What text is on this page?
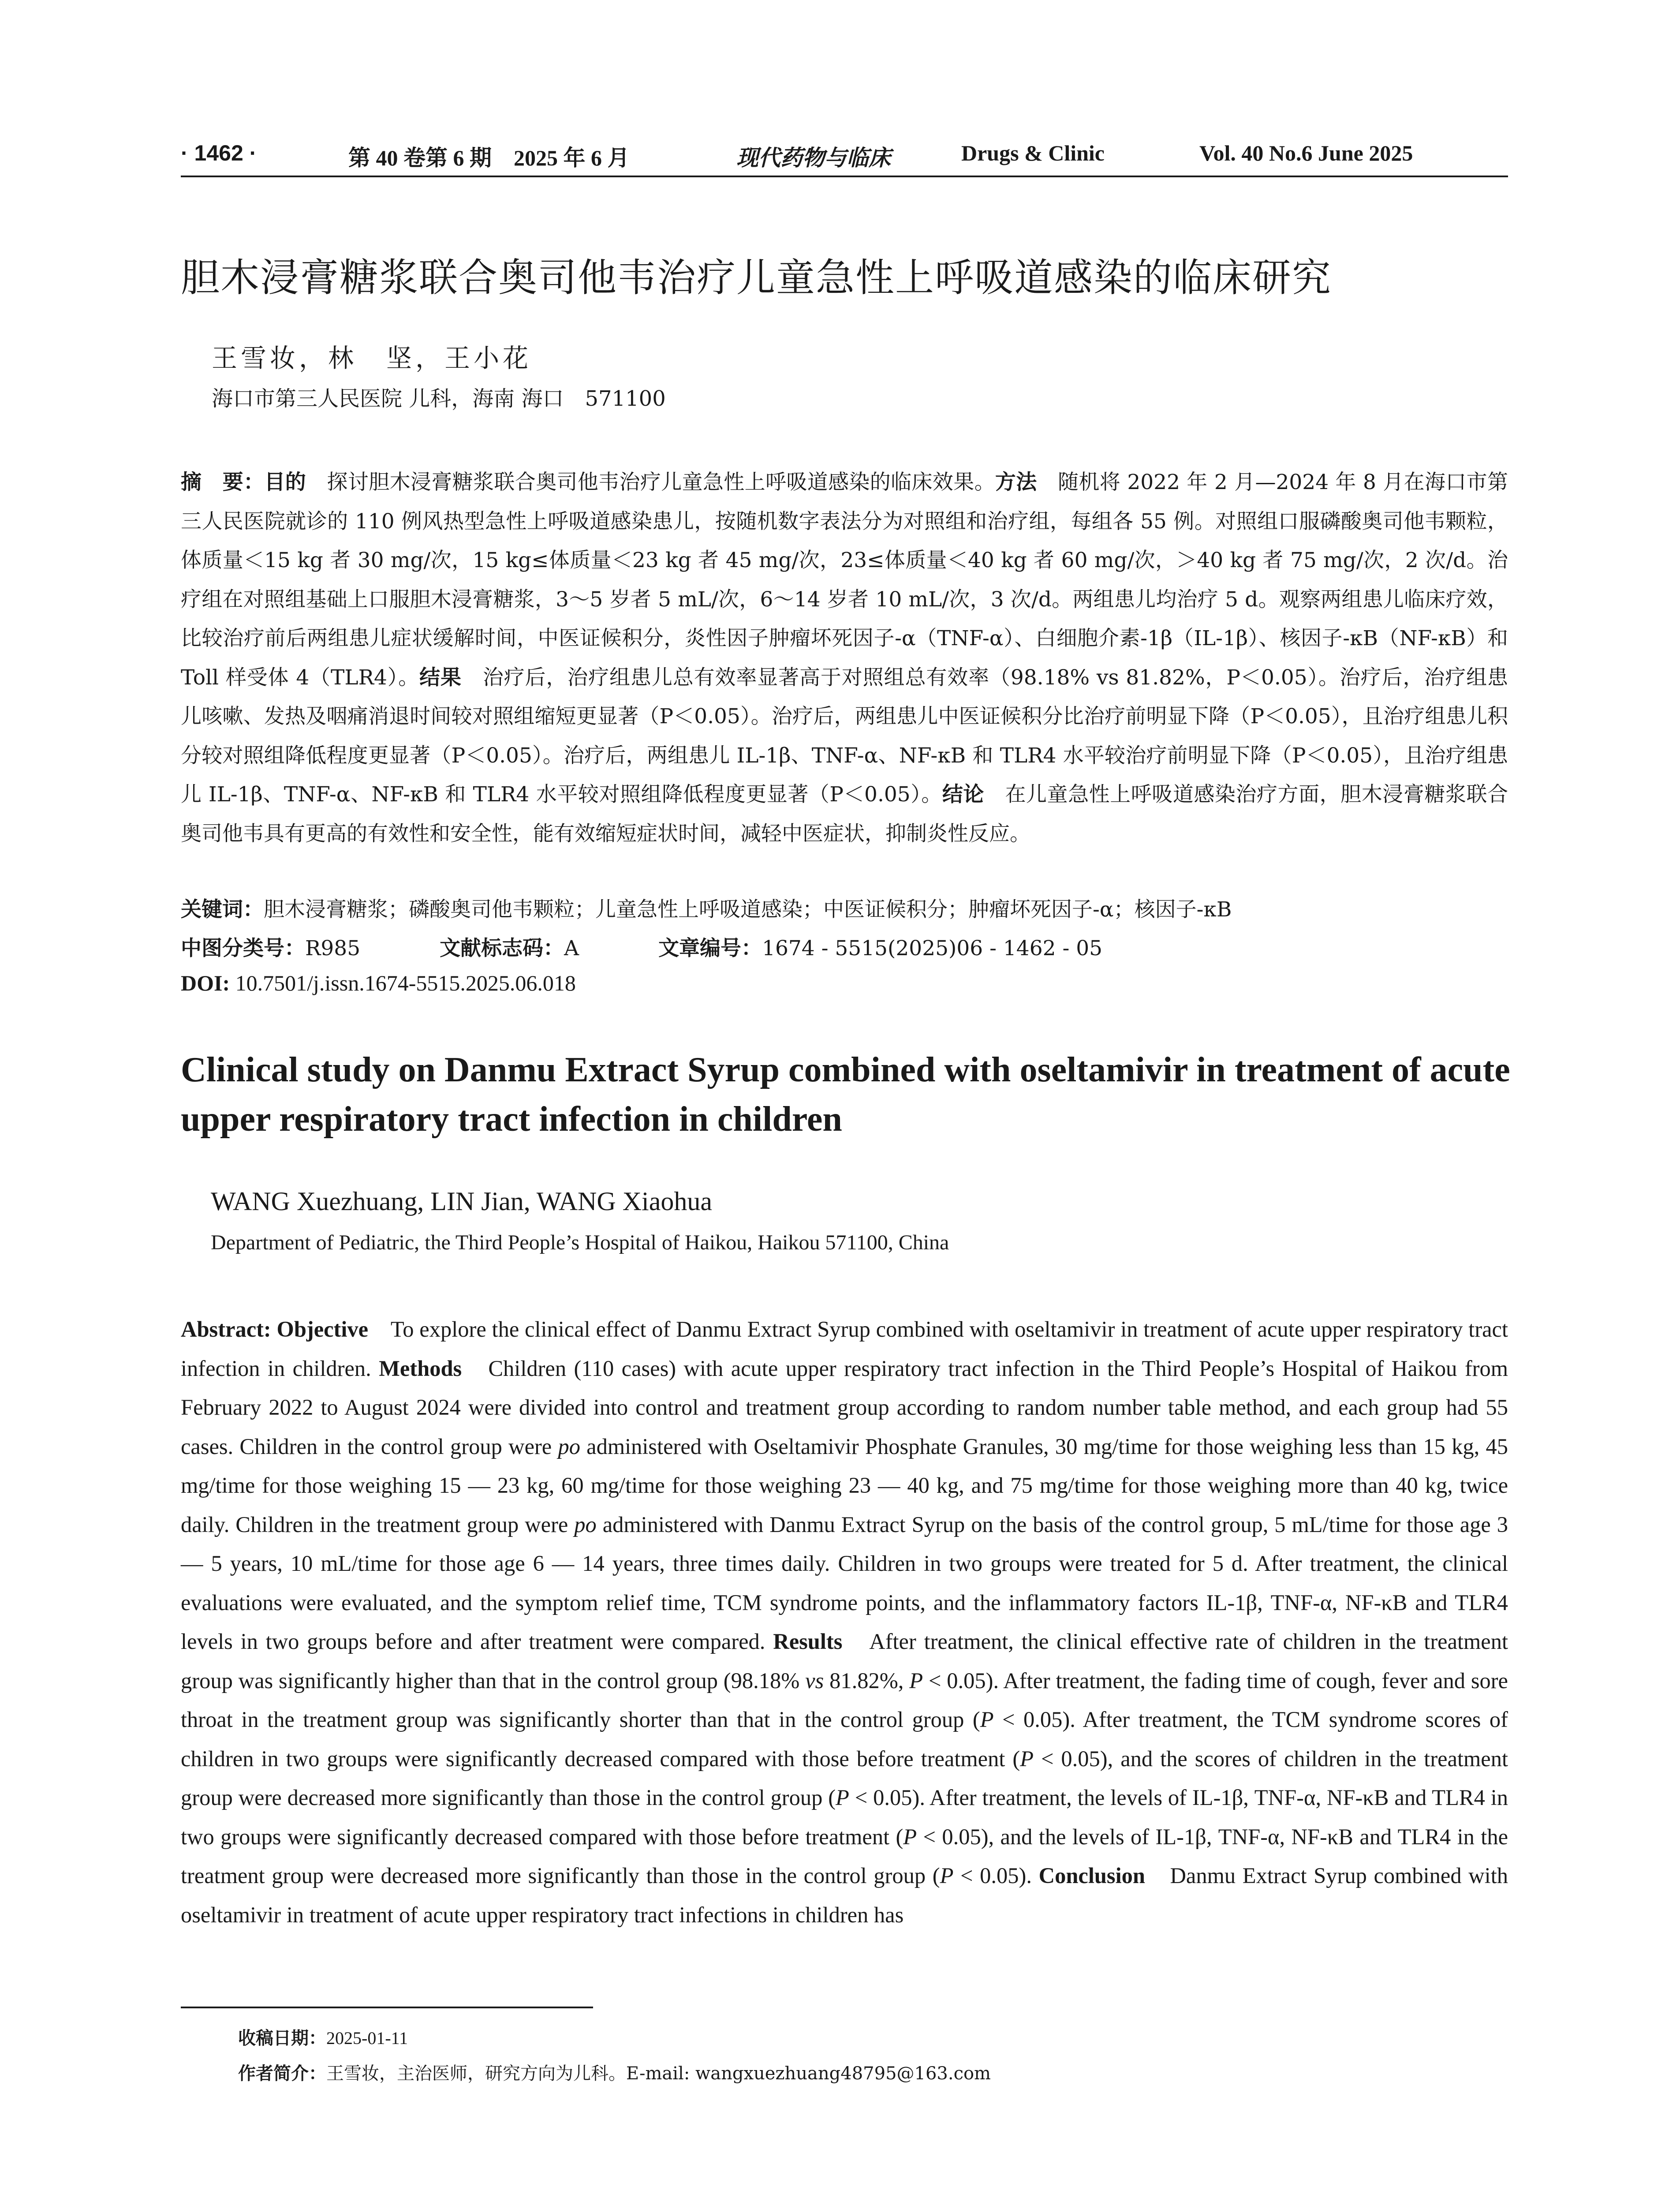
· 1462 ·	第 40 卷第 6 期　2025 年 6 月	现代药物与临床	Drugs & Clinic	Vol. 40 No.6 June 2025
胆木浸膏糖浆联合奥司他韦治疗儿童急性上呼吸道感染的临床研究
王雪妆，林　坚，王小花
海口市第三人民医院 儿科，海南 海口　571100
摘　要：目的　探讨胆木浸膏糖浆联合奥司他韦治疗儿童急性上呼吸道感染的临床效果。方法　随机将 2022 年 2 月—2024 年 8 月在海口市第三人民医院就诊的 110 例风热型急性上呼吸道感染患儿，按随机数字表法分为对照组和治疗组，每组各 55 例。对照组口服磷酸奥司他韦颗粒，体质量＜15 kg 者 30 mg/次，15 kg≤体质量＜23 kg 者 45 mg/次，23≤体质量＜40 kg 者 60 mg/次，＞40 kg 者 75 mg/次，2 次/d。治疗组在对照组基础上口服胆木浸膏糖浆，3～5 岁者 5 mL/次，6～14 岁者 10 mL/次，3 次/d。两组患儿均治疗 5 d。观察两组患儿临床疗效，比较治疗前后两组患儿症状缓解时间，中医证候积分，炎性因子肿瘤坏死因子-α（TNF-α）、白细胞介素-1β（IL-1β）、核因子-κB（NF-κB）和 Toll 样受体 4（TLR4）。结果　治疗后，治疗组患儿总有效率显著高于对照组总有效率（98.18% vs 81.82%，P＜0.05）。治疗后，治疗组患儿咳嗽、发热及咽痛消退时间较对照组缩短更显著（P＜0.05）。治疗后，两组患儿中医证候积分比治疗前明显下降（P＜0.05），且治疗组患儿积分较对照组降低程度更显著（P＜0.05）。治疗后，两组患儿 IL-1β、TNF-α、NF-κB 和 TLR4 水平较治疗前明显下降（P＜0.05），且治疗组患儿 IL-1β、TNF-α、NF-κB 和 TLR4 水平较对照组降低程度更显著（P＜0.05）。结论　在儿童急性上呼吸道感染治疗方面，胆木浸膏糖浆联合奥司他韦具有更高的有效性和安全性，能有效缩短症状时间，减轻中医症状，抑制炎性反应。
关键词：胆木浸膏糖浆；磷酸奥司他韦颗粒；儿童急性上呼吸道感染；中医证候积分；肿瘤坏死因子-α；核因子-κB
中图分类号：R985	文献标志码：A	文章编号：1674 - 5515(2025)06 - 1462 - 05
DOI: 10.7501/j.issn.1674-5515.2025.06.018
Clinical study on Danmu Extract Syrup combined with oseltamivir in treatment of acute upper respiratory tract infection in children
WANG Xuezhuang, LIN Jian, WANG Xiaohua
Department of Pediatric, the Third People’s Hospital of Haikou, Haikou 571100, China
Abstract: Objective　To explore the clinical effect of Danmu Extract Syrup combined with oseltamivir in treatment of acute upper respiratory tract infection in children. Methods　Children (110 cases) with acute upper respiratory tract infection in the Third People’s Hospital of Haikou from February 2022 to August 2024 were divided into control and treatment group according to random number table method, and each group had 55 cases. Children in the control group were po administered with Oseltamivir Phosphate Granules, 30 mg/time for those weighing less than 15 kg, 45 mg/time for those weighing 15 — 23 kg, 60 mg/time for those weighing 23 — 40 kg, and 75 mg/time for those weighing more than 40 kg, twice daily. Children in the treatment group were po administered with Danmu Extract Syrup on the basis of the control group, 5 mL/time for those age 3 — 5 years, 10 mL/time for those age 6 — 14 years, three times daily. Children in two groups were treated for 5 d. After treatment, the clinical evaluations were evaluated, and the symptom relief time, TCM syndrome points, and the inflammatory factors IL-1β, TNF-α, NF-κB and TLR4 levels in two groups before and after treatment were compared. Results　After treatment, the clinical effective rate of children in the treatment group was significantly higher than that in the control group (98.18% vs 81.82%, P < 0.05). After treatment, the fading time of cough, fever and sore throat in the treatment group was significantly shorter than that in the control group (P < 0.05). After treatment, the TCM syndrome scores of children in two groups were significantly decreased compared with those before treatment (P < 0.05), and the scores of children in the treatment group were decreased more significantly than those in the control group (P < 0.05). After treatment, the levels of IL-1β, TNF-α, NF-κB and TLR4 in two groups were significantly decreased compared with those before treatment (P < 0.05), and the levels of IL-1β, TNF-α, NF-κB and TLR4 in the treatment group were decreased more significantly than those in the control group (P < 0.05). Conclusion　Danmu Extract Syrup combined with oseltamivir in treatment of acute upper respiratory tract infections in children has
收稿日期：2025-01-11
作者简介：王雪妆，主治医师，研究方向为儿科。E-mail: wangxuezhuang48795@163.com
